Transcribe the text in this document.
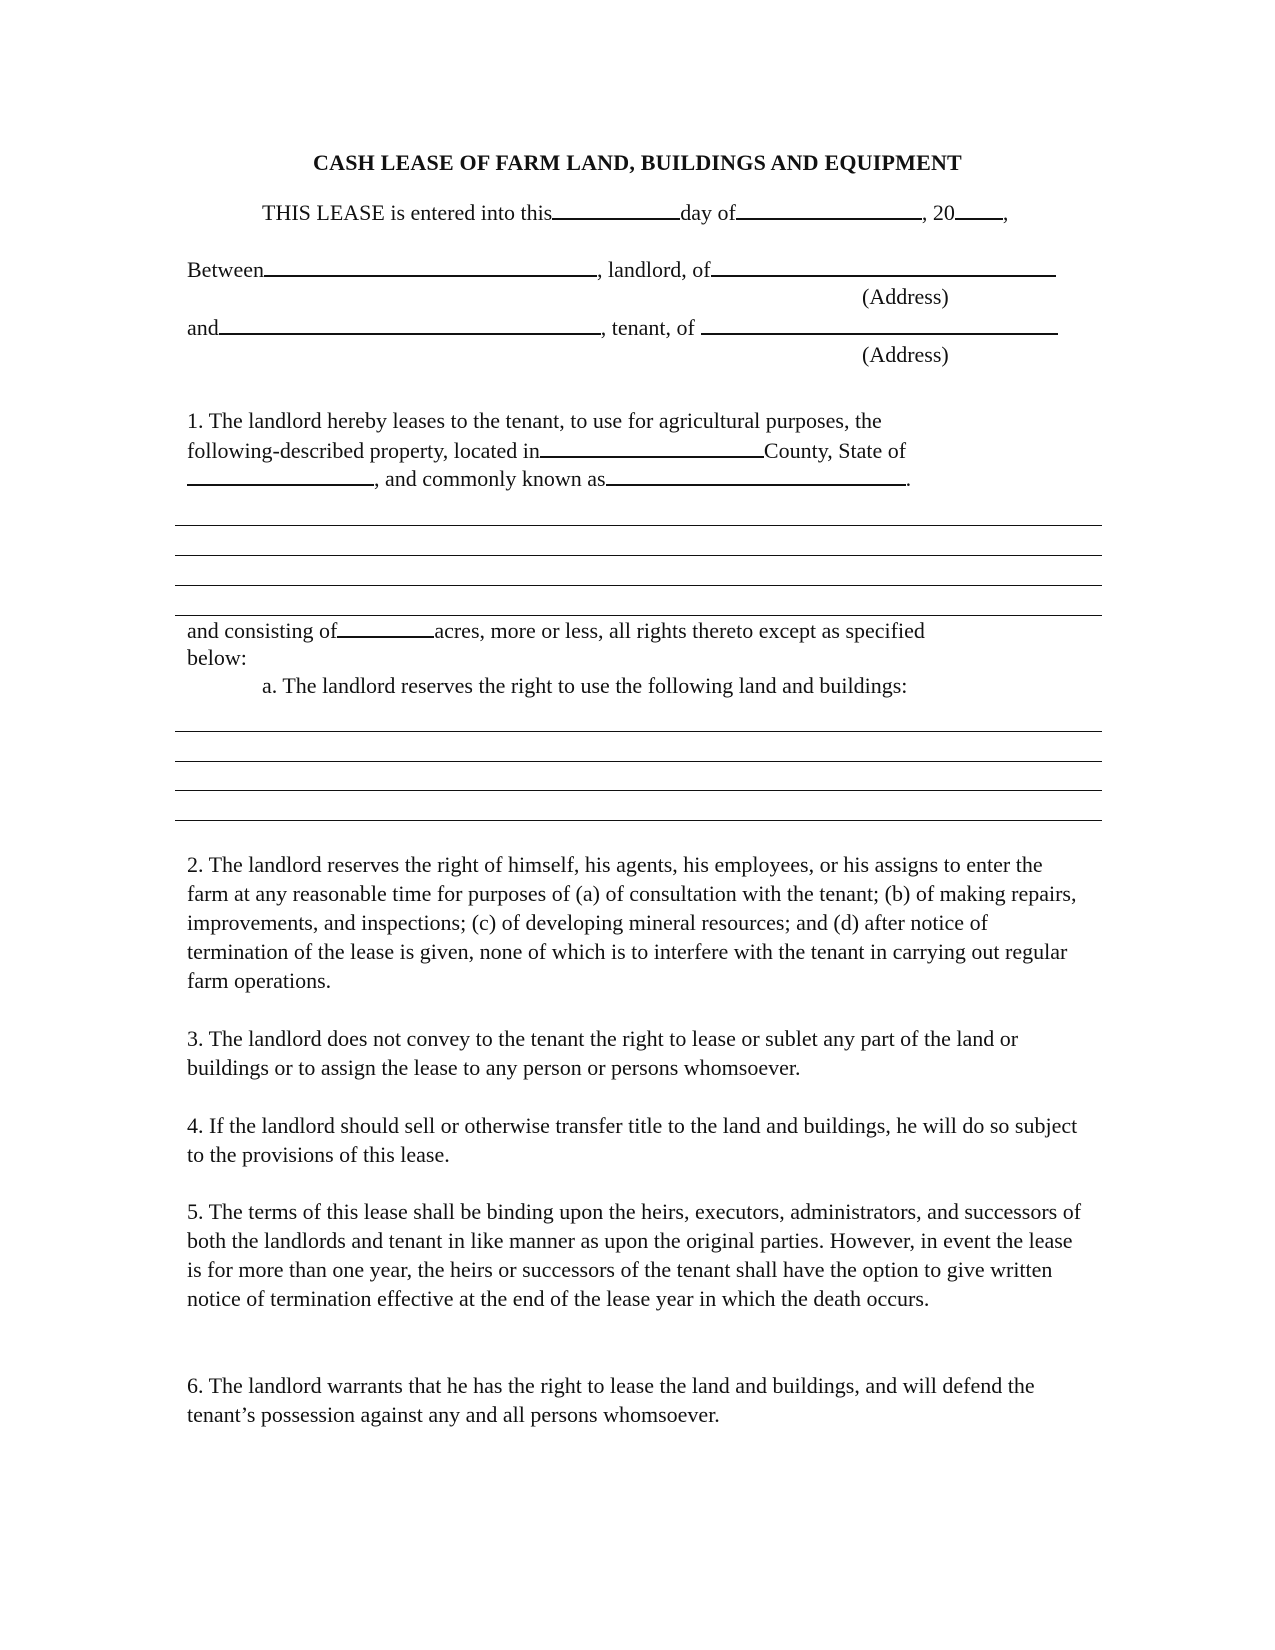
CASH LEASE OF FARM LAND, BUILDINGS AND EQUIPMENT
THIS LEASE is entered into this	day of	, 20 ,
Between	, landlord, of
(Address)
and	, tenant, of
(Address)
1. The landlord hereby leases to the tenant, to use for agricultural purposes, the
following-described property, located in	County, State of
, and commonly known as	.
and consisting of	acres, more or less, all rights thereto except as specified
below:
a. The landlord reserves the right to use the following land and buildings:
2. The landlord reserves the right of himself, his agents, his employees, or his assigns to enter the farm at any reasonable time for purposes of (a) of consultation with the tenant; (b) of making repairs, improvements, and inspections; (c) of developing mineral resources; and (d) after notice of termination of the lease is given, none of which is to interfere with the tenant in carrying out regular farm operations.
3. The landlord does not convey to the tenant the right to lease or sublet any part of the land or buildings or to assign the lease to any person or persons whomsoever.
4. If the landlord should sell or otherwise transfer title to the land and buildings, he will do so subject to the provisions of this lease.
5. The terms of this lease shall be binding upon the heirs, executors, administrators, and successors of both the landlords and tenant in like manner as upon the original parties. However, in event the lease is for more than one year, the heirs or successors of the tenant shall have the option to give written notice of termination effective at the end of the lease year in which the death occurs.
6. The landlord warrants that he has the right to lease the land and buildings, and will defend the tenant’s possession against any and all persons whomsoever.
